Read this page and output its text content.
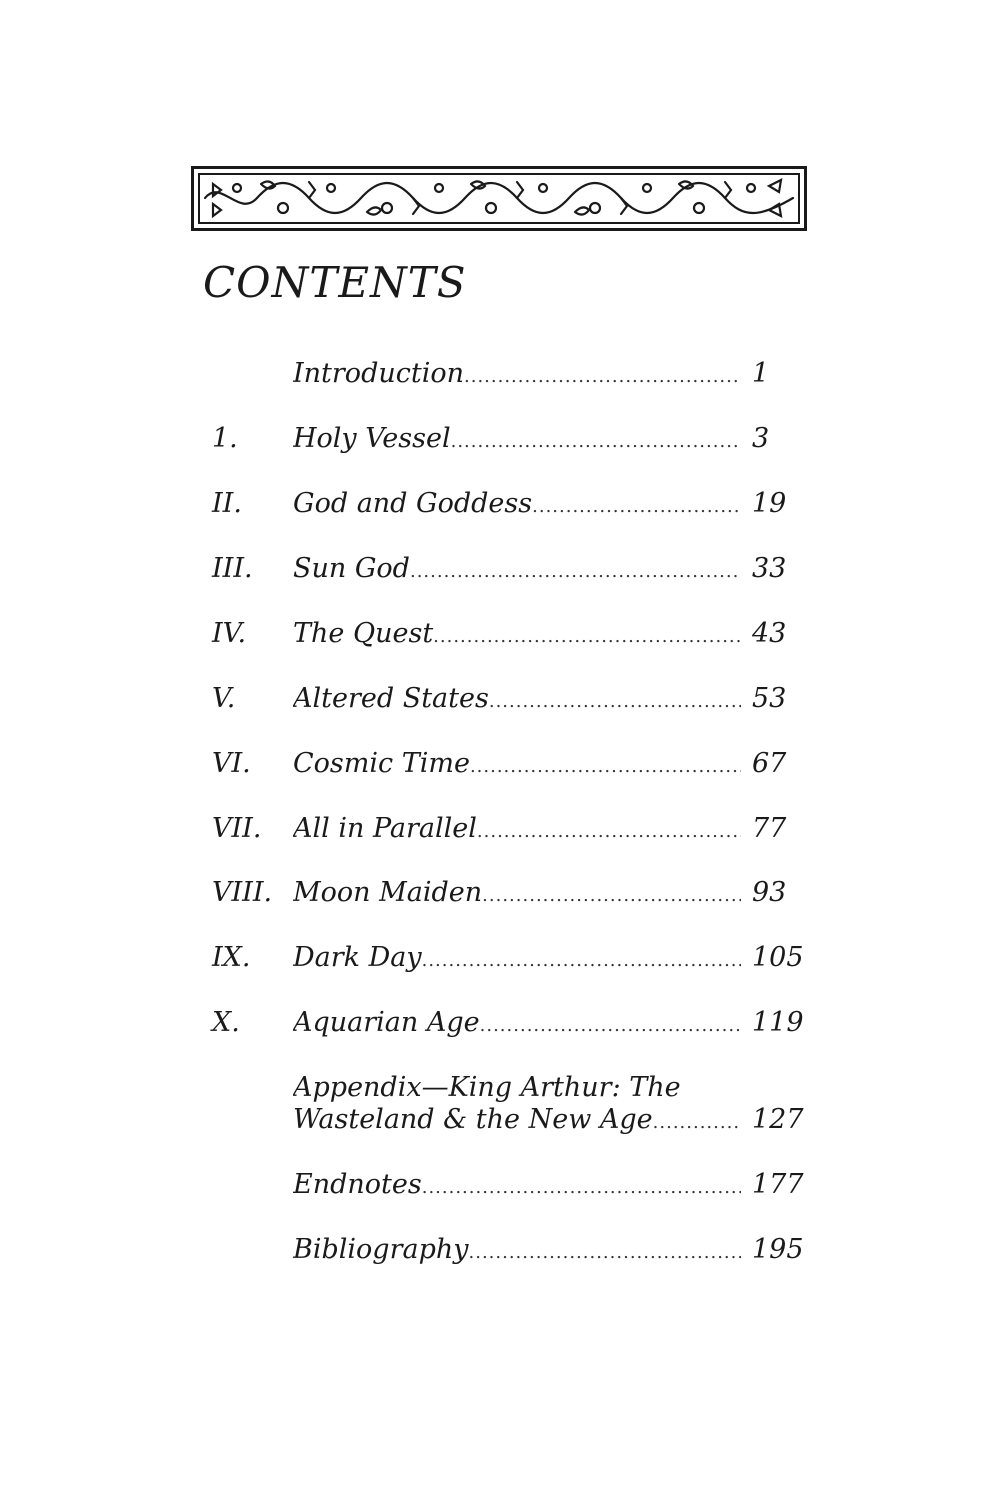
CONTENTS
Introduction .....	1
1. Holy Vessel .....	3
II. God and Goddess .....	19
III. Sun God .....	33
IV. The Quest .....	43
V. Altered States .....	53
VI. Cosmic Time .....	67
VII. All in Parallel .....	77
VIII. Moon Maiden .....	93
IX. Dark Day .....	105
X. Aquarian Age .....	119
Appendix—King Arthur: The
Wasteland & the New Age .....	127
Endnotes .....	177
Bibliography .....	195
